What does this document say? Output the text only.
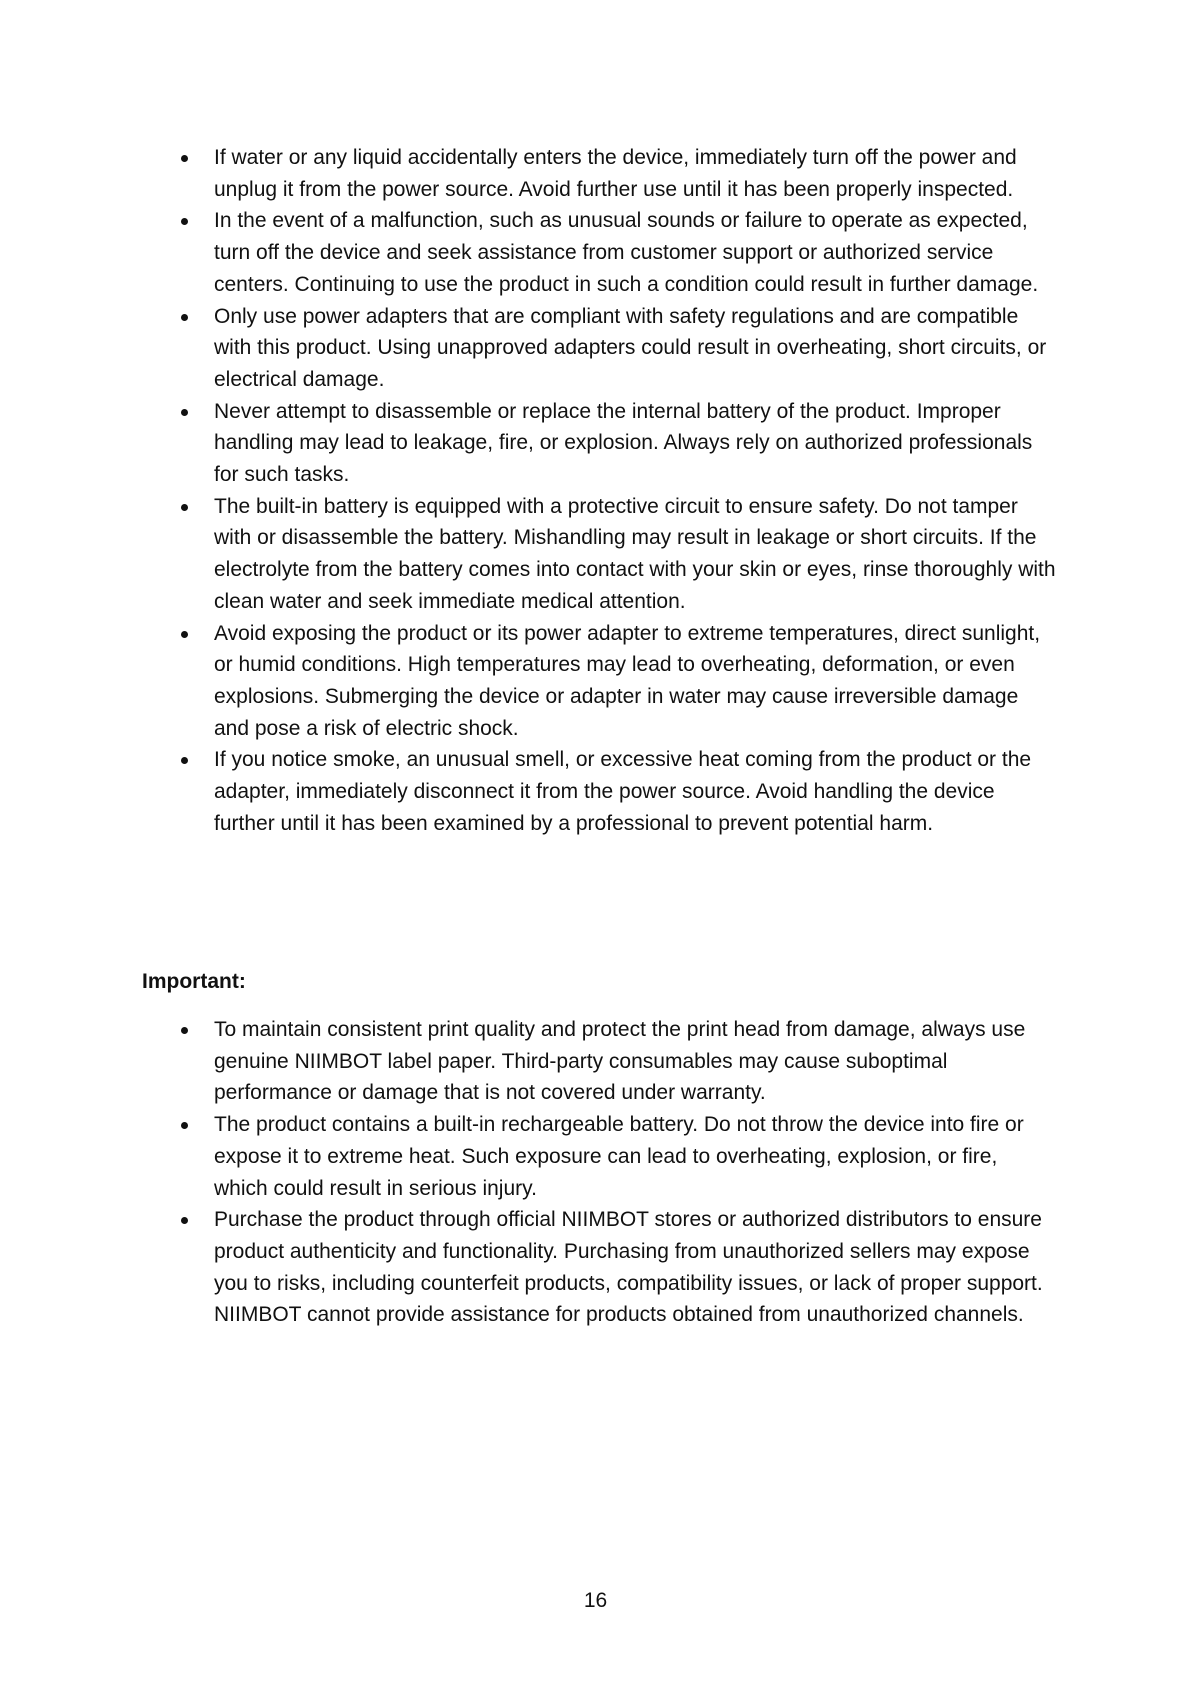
If water or any liquid accidentally enters the device, immediately turn off the power and unplug it from the power source. Avoid further use until it has been properly inspected.
In the event of a malfunction, such as unusual sounds or failure to operate as expected, turn off the device and seek assistance from customer support or authorized service centers. Continuing to use the product in such a condition could result in further damage.
Only use power adapters that are compliant with safety regulations and are compatible with this product. Using unapproved adapters could result in overheating, short circuits, or electrical damage.
Never attempt to disassemble or replace the internal battery of the product. Improper handling may lead to leakage, fire, or explosion. Always rely on authorized professionals for such tasks.
The built-in battery is equipped with a protective circuit to ensure safety. Do not tamper with or disassemble the battery. Mishandling may result in leakage or short circuits. If the electrolyte from the battery comes into contact with your skin or eyes, rinse thoroughly with clean water and seek immediate medical attention.
Avoid exposing the product or its power adapter to extreme temperatures, direct sunlight, or humid conditions. High temperatures may lead to overheating, deformation, or even explosions. Submerging the device or adapter in water may cause irreversible damage and pose a risk of electric shock.
If you notice smoke, an unusual smell, or excessive heat coming from the product or the adapter, immediately disconnect it from the power source. Avoid handling the device further until it has been examined by a professional to prevent potential harm.
Important:
To maintain consistent print quality and protect the print head from damage, always use genuine NIIMBOT label paper. Third-party consumables may cause suboptimal performance or damage that is not covered under warranty.
The product contains a built-in rechargeable battery. Do not throw the device into fire or expose it to extreme heat. Such exposure can lead to overheating, explosion, or fire, which could result in serious injury.
Purchase the product through official NIIMBOT stores or authorized distributors to ensure product authenticity and functionality. Purchasing from unauthorized sellers may expose you to risks, including counterfeit products, compatibility issues, or lack of proper support. NIIMBOT cannot provide assistance for products obtained from unauthorized channels.
16
